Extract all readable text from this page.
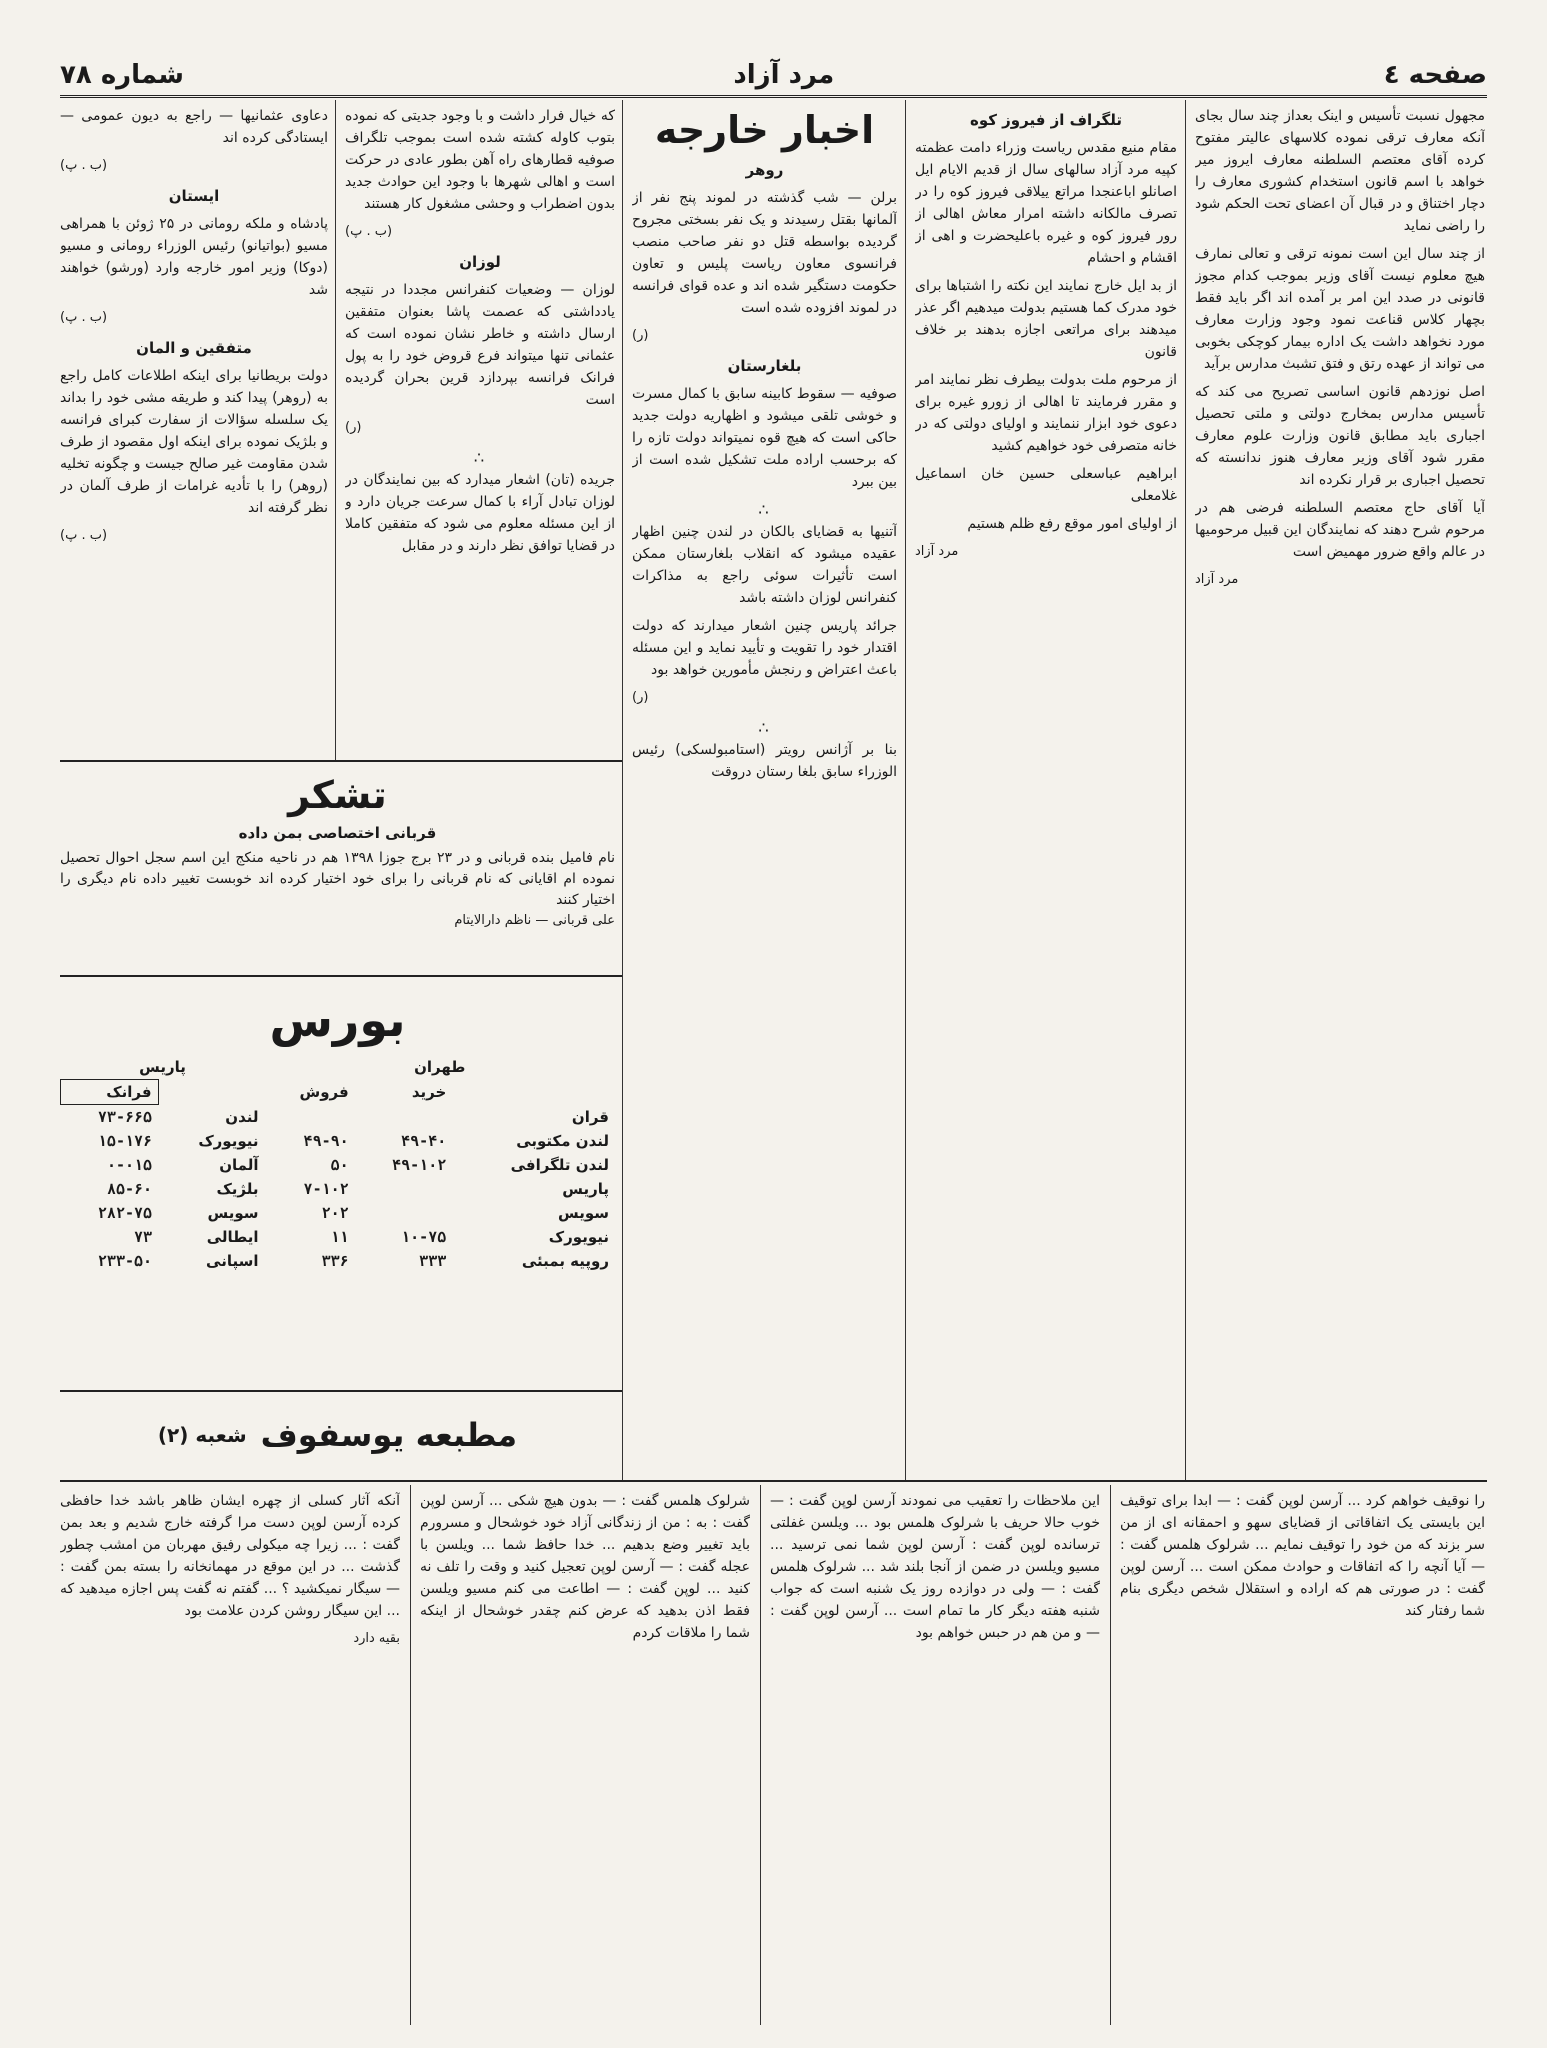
صفحه ٤
مرد آزاد
شماره ۷۸

مجهول نسبت تأسیس و اینک بعداز چند سال بجای آنکه معارف ترقی نموده کلاسهای عالیتر مفتوح کرده آقای معتصم السلطنه معارف ایروز میر خواهد با اسم قانون استخدام کشوری معارف را دچار اختناق و در قبال آن اعضای تحت الحکم شود را راضی نماید

از چند سال این است نمونه ترقی و تعالی نمارف هیچ معلوم نیست آقای وزیر بموجب کدام مجوز قانونی در صدد این امر بر آمده اند اگر باید فقط بچهار کلاس قناعت نمود وجود وزارت معارف مورد نخواهد داشت یک اداره بیمار کوچکی بخوبی می تواند از عهده رتق و فتق تشبث مدارس برآید

اصل نوزدهم قانون اساسی تصریح می کند که تأسیس مدارس بمخارج دولتی و ملتی تحصیل اجباری باید مطابق قانون وزارت علوم معارف مقرر شود آقای وزیر معارف هنوز ندانسته که تحصیل اجباری بر قرار نکرده اند

آیا آقای حاج معتصم السلطنه فرضی هم در مرحوم شرح دهند که نمایندگان این قبیل مرحومیها در عالم واقع ضرور مهمیض است

مرد آزاد
تلگراف از فیروز کوه

مقام منیع مقدس ریاست وزراء دامت عظمته کپیه مرد آزاد سالهای سال از قدیم الایام ایل اصانلو اباعنجدا مراتع ییلاقی فیروز کوه را در تصرف مالکانه داشته امرار معاش اهالی از رور فیروز کوه و غیره باعلیحضرت و اهی از اقشام و احشام

از بد ایل خارج نمایند این نکته را اشتباها برای خود مدرک کما هستیم بدولت میدهیم اگر عذر میدهند برای مراتعی اجازه بدهند بر خلاف قانون

از مرحوم ملت بدولت بیطرف نظر نمایند امر و مقرر فرمایند تا اهالی از زورو غیره برای دعوی خود ابزار ننمایند و اولیای دولتی که در خانه متصرفی خود خواهیم کشید

ابراهیم عباسعلی حسین خان اسماعیل غلامعلی

از اولیای امور موقع رفع ظلم هستیم

مرد آزاد
اخبار خارجه
روهر

برلن — شب گذشته در لموند پنج نفر از آلمانها بقتل رسیدند و یک نفر بسختی مجروح گردیده بواسطه قتل دو نفر صاحب منصب فرانسوی معاون ریاست پلیس و تعاون حکومت دستگیر شده اند و عده قوای فرانسه در لموند افزوده شده است

(ر)
بلغارستان

صوفیه — سقوط کابینه سابق با کمال مسرت و خوشی تلقی میشود و اظهاریه دولت جدید حاکی است که هیچ قوه نمیتواند دولت تازه را که برحسب اراده ملت تشکیل شده است از بین ببرد

∴

آتنیها به قضایای بالکان در لندن چنین اظهار عقیده میشود که انقلاب بلغارستان ممکن است تأثیرات سوئی راجع به مذاکرات کنفرانس لوزان داشته باشد

جرائد پاریس چنین اشعار میدارند که دولت اقتدار خود را تقویت و تأیید نماید و این مسئله باعث اعتراض و رنجش مأمورین خواهد بود

(ر)
∴

بنا بر آژانس رویتر (استامبولسکی) رئیس الوزراء سابق بلغا رستان دروقت

که خیال فرار داشت و با وجود جدیتی که نموده بتوب کاوله کشته شده است بموجب تلگراف صوفیه قطارهای راه آهن بطور عادی در حرکت است و اهالی شهرها با وجود این حوادث جدید بدون اضطراب و وحشی مشغول کار هستند

(ب . پ)
لوزان

لوزان — وضعیات کنفرانس مجددا در نتیجه یادداشتی که عصمت پاشا بعنوان متفقین ارسال داشته و خاطر نشان نموده است که عثمانی تنها میتواند فرع قروض خود را به پول فرانک فرانسه بپردازد قرین بحران گردیده است

(ر)
∴

جریده (تان) اشعار میدارد که بین نمایندگان در لوزان تبادل آراء با کمال سرعت جریان دارد و از این مسئله معلوم می شود که متفقین کاملا در قضایا توافق نظر دارند و در مقابل

دعاوی عثمانیها — راجع به دیون عمومی — ایستادگی کرده اند

(ب . پ)
ایستان

پادشاه و ملکه رومانی در ۲۵ ژوئن با همراهی مسیو (بواتیانو) رئیس الوزراء رومانی و مسیو (دوکا) وزیر امور خارجه وارد (ورشو) خواهند شد

(ب . پ)
متفقین و المان

دولت بریطانیا برای اینکه اطلاعات کامل راجع به (روهر) پیدا کند و طریقه مشی خود را بداند یک سلسله سؤالات از سفارت کبرای فرانسه و بلژیک نموده برای اینکه اول مقصود از طرف شدن مقاومت غیر صالح جیست و چگونه تخلیه (روهر) را با تأدیه غرامات از طرف آلمان در نظر گرفته اند

(ب . پ)
تشکر
قربانی اختصاصی بمن داده
نام فامیل بنده قربانی و در ۲۳ برج جوزا ۱۳۹۸ هم در ناحیه منکج این اسم سجل احوال تحصیل نموده ام اقایانی که نام قربانی را برای خود اختیار کرده اند خوبست تغییر داده نام دیگری را اختیار کنند
علی قربانی — ناظم دارالایتام
بورس
طهران			پاریس	
	خرید	فروش		فرانک
قران			لندن	۷۳-۶۶۵
لندن مکتوبی	۴۹-۴۰	۴۹-۹۰	نیویورک	۱۵-۱۷۶
لندن تلگرافی	۴۹-۱۰۲	۵۰	آلمان	۰-۰۱۵
پاریس		۷-۱۰۲	بلژیک	۸۵-۶۰
سویس		۲۰۲	سویس	۲۸۲-۷۵
نیویورک	۱۰-۷۵	۱۱	ایطالی	۷۳
روپیه بمبئی	۳۳۳	۳۳۶	اسپانی	۲۳۳-۵۰
مطبعه یوسفوف
شعبه (۲)

را نوقیف خواهم کرد ... آرسن لوپن گفت : — ابدا برای توقیف این بایستی یک اتفاقاتی از قضایای سهو و احمقانه ای از من سر بزند که من خود را توقیف نمایم ... شرلوک هلمس گفت : — آیا آنچه را که اتفاقات و حوادث ممکن است ... آرسن لوپن گفت : در صورتی هم که اراده و استقلال شخص دیگری بنام شما رفتار کند

این ملاحظات را تعقیب می نمودند آرسن لوپن گفت : — خوب حالا حریف با شرلوک هلمس بود ... ویلسن غفلتی ترسانده لوپن گفت : آرسن لوپن شما نمی ترسید ... مسیو ویلسن در ضمن از آنجا بلند شد ... شرلوک هلمس گفت : — ولی در دوازده روز یک شنبه است که جواب شنبه هفته دیگر کار ما تمام است ... آرسن لوپن گفت : — و من هم در حبس خواهم بود

شرلوک هلمس گفت : — بدون هیچ شکی ... آرسن لوپن گفت : به : من از زندگانی آزاد خود خوشحال و مسرورم باید تغییر وضع بدهیم ... خدا حافظ شما ... ویلسن با عجله گفت : — آرسن لوپن تعجیل کنید و وقت را تلف نه کنید ... لوپن گفت : — اطاعت می کنم مسیو ویلسن فقط اذن بدهید که عرض کنم چقدر خوشحال از اینکه شما را ملاقات کردم

آنکه آثار کسلی از چهره ایشان ظاهر باشد خدا حافظی کرده آرسن لوپن دست مرا گرفته خارج شدیم و بعد بمن گفت : ... زیرا چه میکولی رفیق مهربان من امشب چطور گذشت ... در این موقع در مهمانخانه را بسته بمن گفت : — سیگار نمیکشید ؟ ... گفتم نه گفت پس اجازه میدهید که ... این سیگار روشن کردن علامت بود

بقیه دارد
